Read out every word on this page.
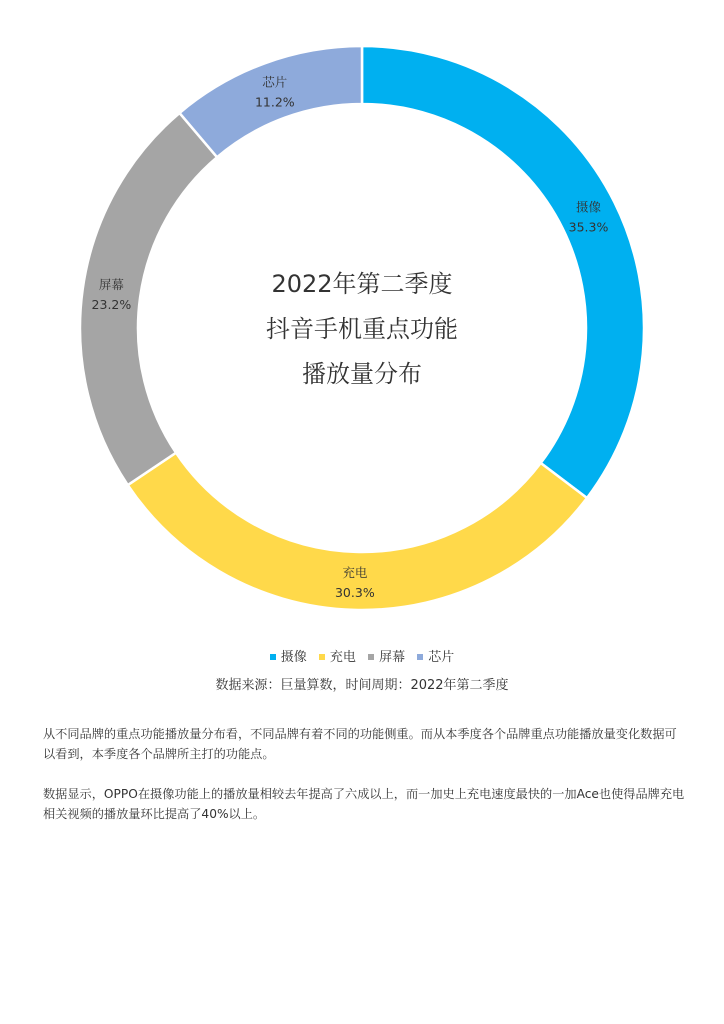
摄像
35.3%
充电
30.3%
屏幕
23.2%
芯片
11.2%
2022年第二季度
抖音手机重点功能
播放量分布
摄像 充电 屏幕 芯片
数据来源：巨量算数，时间周期：2022年第二季度

从不同品牌的重点功能播放量分布看，不同品牌有着不同的功能侧重。而从本季度各个品牌重点功能播放量变化数据可以看到，本季度各个品牌所主打的功能点。

数据显示，OPPO在摄像功能上的播放量相较去年提高了六成以上，而一加史上充电速度最快的一加Ace也使得品牌充电相关视频的播放量环比提高了40%以上。
